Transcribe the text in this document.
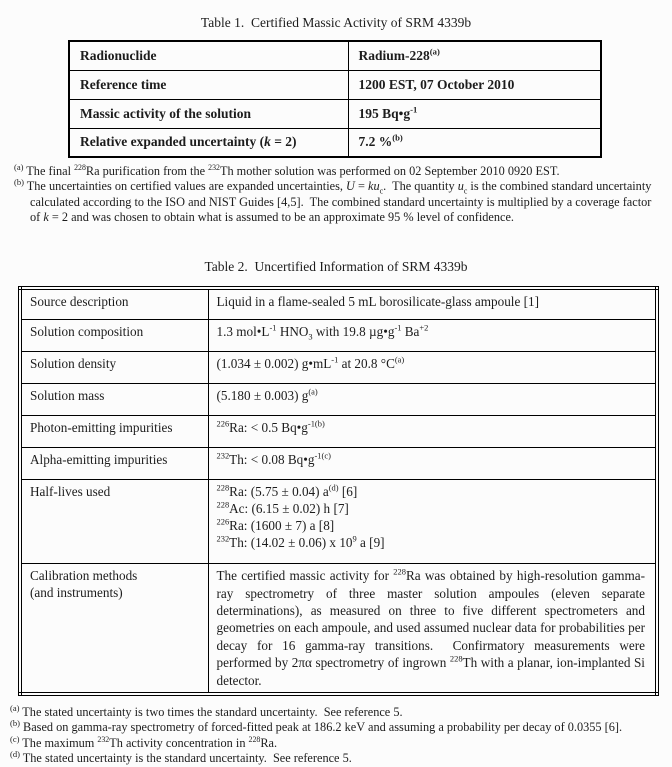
Table 1.  Certified Massic Activity of SRM 4339b
Radionuclide	Radium-228$^{(a)}$
Reference time	1200 EST, 07 October 2010
Massic activity of the solution	195 $Bq•g^{-1}$
Relative expanded uncertainty (k = 2)	7.2 %$^{(b)}$
$^{(a)}$ The final $^{228}$Ra purification from the $^{232}$Th mother solution was performed on 02 September 2010 0920 EST.
$^{(b)}$ The uncertainties on certified values are expanded uncertainties, $U = ku_c$.  The quantity $u_c$ is the combined standard uncertainty calculated according to the ISO and NIST Guides [4,5].  The combined standard uncertainty is multiplied by a coverage factor of k = 2 and was chosen to obtain what is assumed to be an approximate 95 % level of confidence.
Table 2.  Uncertified Information of SRM 4339b
Source description	Liquid in a flame-sealed 5 mL borosilicate-glass ampoule [1]
Solution composition	1.3 $mol•L^{-1}$ $HNO_3$ with 19.8 $\mu g•g^{-1}$ $Ba^{+2}$
Solution density	(1.034 ± 0.002) $g•mL^{-1}$ at 20.8 $^\circ C^{(a)}$
Solution mass	(5.180 ± 0.003) $g^{(a)}$
Photon-emitting impurities	$^{226}$Ra: < 0.5 $Bq•g^{-1(b)}$
Alpha-emitting impurities	$^{232}$Th: < 0.08 $Bq•g^{-1(c)}$
Half-lives used	$^{228}$Ra: (5.75 ± 0.04) $a^{(d)}$ [6]
$^{228}$Ac: (6.15 ± 0.02) h [7]
$^{226}$Ra: (1600 ± 7) a [8]
$^{232}$Th: (14.02 ± 0.06) x $10^9$ a [9]
Calibration methods
(and instruments)	The certified massic activity for $^{228}$Ra was obtained by high-resolution gamma-ray spectrometry of three master solution ampoules (eleven separate determinations), as measured on three to five different spectrometers and geometries on each ampoule, and used assumed nuclear data for probabilities per decay for 16 gamma-ray transitions.  Confirmatory measurements were performed by 2πα spectrometry of ingrown $^{228}$Th with a planar, ion-implanted Si detector.
$^{(a)}$ The stated uncertainty is two times the standard uncertainty.  See reference 5.
$^{(b)}$ Based on gamma-ray spectrometry of forced-fitted peak at 186.2 keV and assuming a probability per decay of 0.0355 [6].
$^{(c)}$ The maximum $^{232}$Th activity concentration in $^{228}$Ra.
$^{(d)}$ The stated uncertainty is the standard uncertainty.  See reference 5.
